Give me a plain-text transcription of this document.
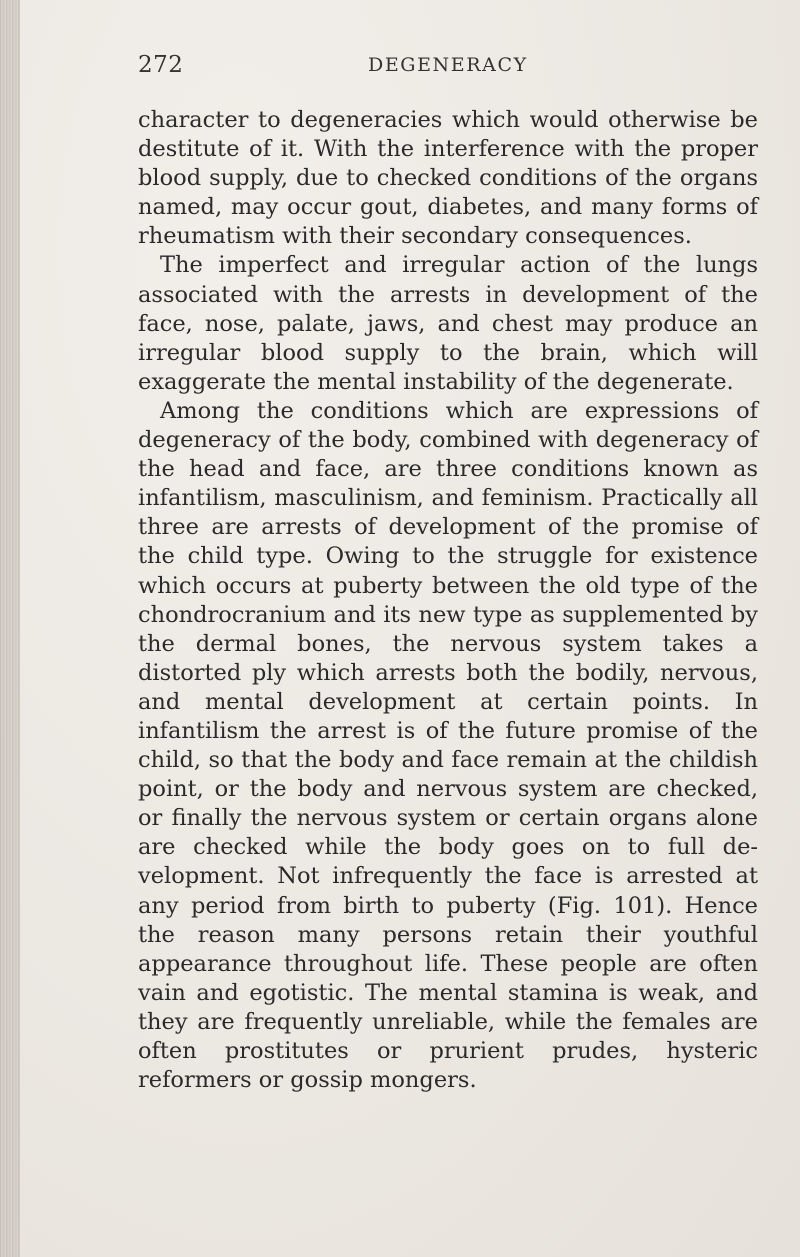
272	DEGENERACY

character to degeneracies which would otherwise be destitute of it. With the interference with the proper blood supply, due to checked conditions of the organs named, may occur gout, diabetes, and many forms of rheumatism with their secondary consequences.

The imperfect and irregular action of the lungs associated with the arrests in development of the face, nose, palate, jaws, and chest may produce an irregular blood supply to the brain, which will exaggerate the mental instability of the degenerate.

Among the conditions which are expressions of degeneracy of the body, combined with degeneracy of the head and face, are three conditions known as infantilism, masculinism, and feminism. Practically all three are arrests of development of the promise of the child type. Owing to the struggle for existence which occurs at puberty between the old type of the chondrocranium and its new type as supplemented by the dermal bones, the nervous system takes a distorted ply which arrests both the bodily, nervous, and mental development at certain points. In infantilism the arrest is of the future promise of the child, so that the body and face remain at the childish point, or the body and nervous system are checked, or finally the nervous system or certain organs alone are checked while the body goes on to full development. Not infrequently the face is arrested at any period from birth to puberty (Fig. 101). Hence the reason many persons retain their youthful appearance throughout life. These people are often vain and egotistic. The mental stamina is weak, and they are frequently unreliable, while the females are often prostitutes or prurient prudes, hysteric reformers or gossip mongers.
